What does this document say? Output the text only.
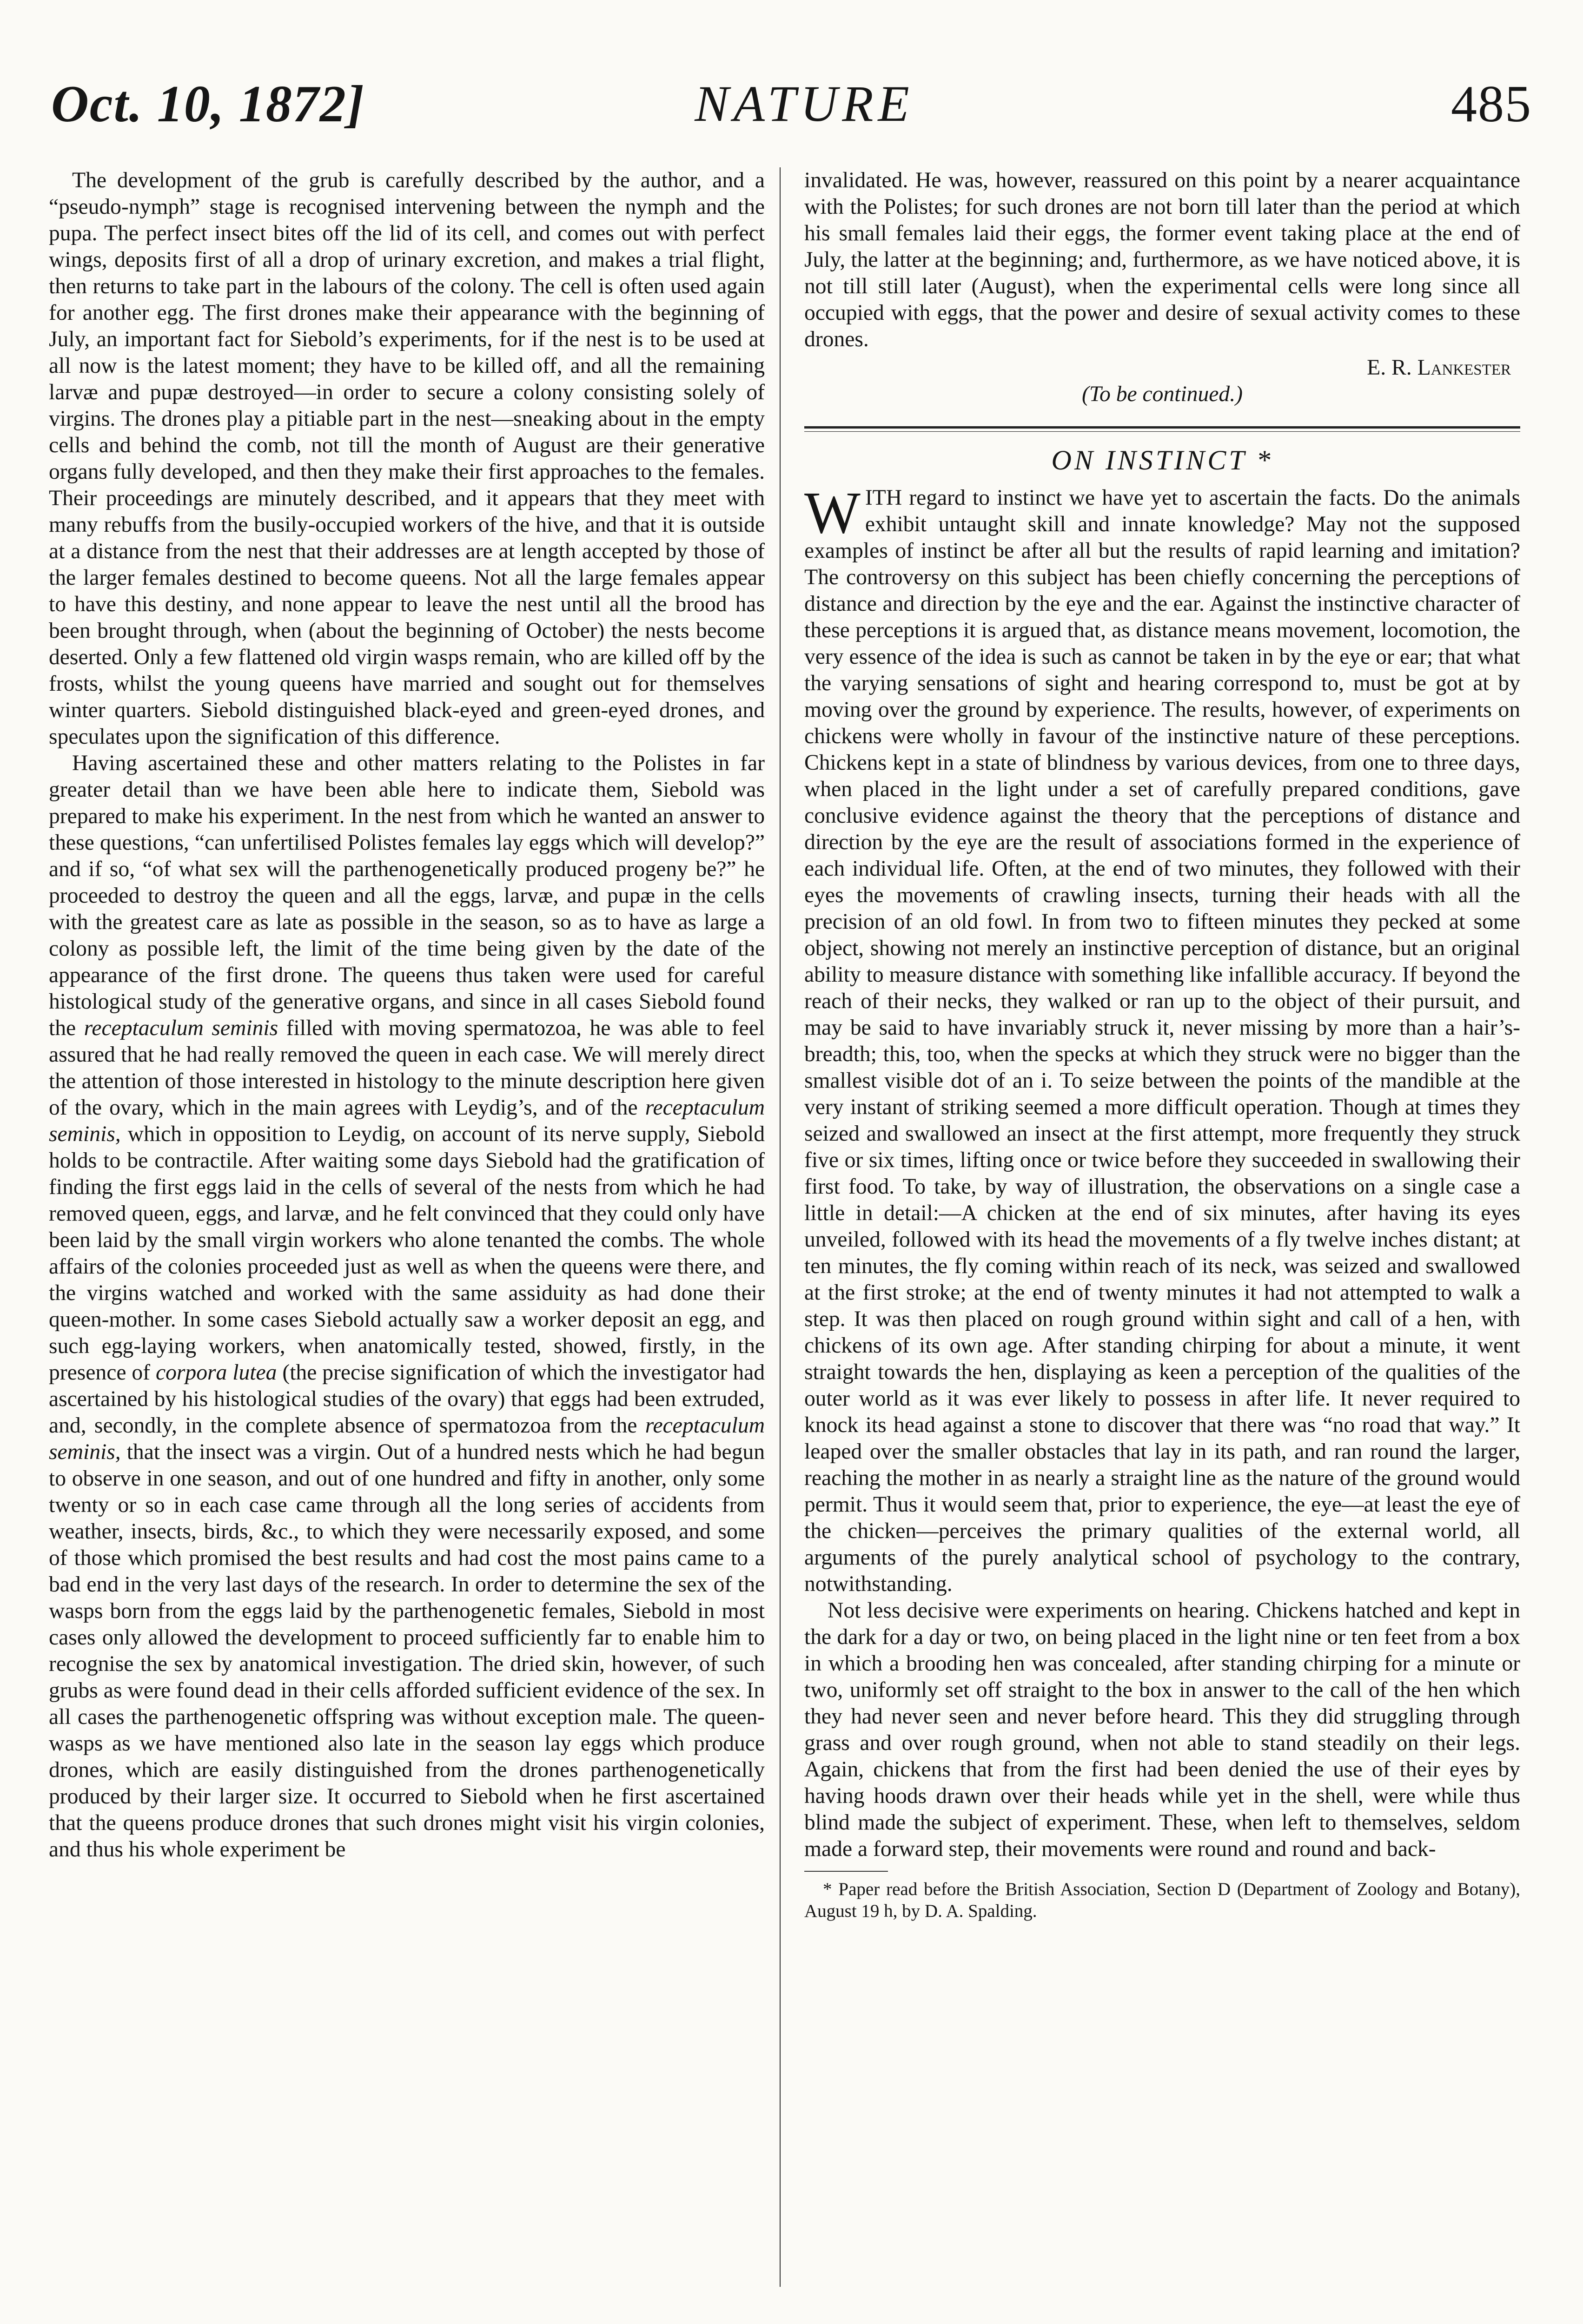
Oct. 10, 1872]	NATURE	485

The development of the grub is carefully described by the author, and a “pseudo-nymph” stage is recognised intervening between the nymph and the pupa. The perfect insect bites off the lid of its cell, and comes out with perfect wings, deposits first of all a drop of urinary excretion, and makes a trial flight, then returns to take part in the labours of the colony. The cell is often used again for another egg. The first drones make their appearance with the beginning of July, an important fact for Siebold’s experiments, for if the nest is to be used at all now is the latest moment; they have to be killed off, and all the remaining larvæ and pupæ destroyed—in order to secure a colony consisting solely of virgins. The drones play a pitiable part in the nest—sneaking about in the empty cells and behind the comb, not till the month of August are their generative organs fully developed, and then they make their first approaches to the females. Their proceedings are minutely described, and it appears that they meet with many rebuffs from the busily-occupied workers of the hive, and that it is outside at a distance from the nest that their addresses are at length accepted by those of the larger females destined to become queens. Not all the large females appear to have this destiny, and none appear to leave the nest until all the brood has been brought through, when (about the beginning of October) the nests become deserted. Only a few flattened old virgin wasps remain, who are killed off by the frosts, whilst the young queens have married and sought out for themselves winter quarters. Siebold distinguished black-eyed and green-eyed drones, and speculates upon the signification of this difference.

Having ascertained these and other matters relating to the Polistes in far greater detail than we have been able here to indicate them, Siebold was prepared to make his experiment. In the nest from which he wanted an answer to these questions, “can unfertilised Polistes females lay eggs which will develop?” and if so, “of what sex will the parthenogenetically produced progeny be?” he proceeded to destroy the queen and all the eggs, larvæ, and pupæ in the cells with the greatest care as late as possible in the season, so as to have as large a colony as possible left, the limit of the time being given by the date of the appearance of the first drone. The queens thus taken were used for careful histological study of the generative organs, and since in all cases Siebold found the receptaculum seminis filled with moving spermatozoa, he was able to feel assured that he had really removed the queen in each case. We will merely direct the attention of those interested in histology to the minute description here given of the ovary, which in the main agrees with Leydig’s, and of the receptaculum seminis, which in opposition to Leydig, on account of its nerve supply, Siebold holds to be contractile. After waiting some days Siebold had the gratification of finding the first eggs laid in the cells of several of the nests from which he had removed queen, eggs, and larvæ, and he felt convinced that they could only have been laid by the small virgin workers who alone tenanted the combs. The whole affairs of the colonies proceeded just as well as when the queens were there, and the virgins watched and worked with the same assiduity as had done their queen-mother. In some cases Siebold actually saw a worker deposit an egg, and such egg-laying workers, when anatomically tested, showed, firstly, in the presence of corpora lutea (the precise signification of which the investigator had ascertained by his histological studies of the ovary) that eggs had been extruded, and, secondly, in the complete absence of spermatozoa from the receptaculum seminis, that the insect was a virgin. Out of a hundred nests which he had begun to observe in one season, and out of one hundred and fifty in another, only some twenty or so in each case came through all the long series of accidents from weather, insects, birds, &c., to which they were necessarily exposed, and some of those which promised the best results and had cost the most pains came to a bad end in the very last days of the research. In order to determine the sex of the wasps born from the eggs laid by the parthenogenetic females, Siebold in most cases only allowed the development to proceed sufficiently far to enable him to recognise the sex by anatomical investigation. The dried skin, however, of such grubs as were found dead in their cells afforded sufficient evidence of the sex. In all cases the parthenogenetic offspring was without exception male. The queen-wasps as we have mentioned also late in the season lay eggs which produce drones, which are easily distinguished from the drones parthenogenetically produced by their larger size. It occurred to Siebold when he first ascertained that the queens produce drones that such drones might visit his virgin colonies, and thus his whole experiment be

invalidated. He was, however, reassured on this point by a nearer acquaintance with the Polistes; for such drones are not born till later than the period at which his small females laid their eggs, the former event taking place at the end of July, the latter at the beginning; and, furthermore, as we have noticed above, it is not till still later (August), when the experimental cells were long since all occupied with eggs, that the power and desire of sexual activity comes to these drones.

E. R. Lankester
(To be continued.)
ON INSTINCT *

WITH regard to instinct we have yet to ascertain the facts. Do the animals exhibit untaught skill and innate knowledge? May not the supposed examples of instinct be after all but the results of rapid learning and imitation? The controversy on this subject has been chiefly concerning the perceptions of distance and direction by the eye and the ear. Against the instinctive character of these perceptions it is argued that, as distance means movement, locomotion, the very essence of the idea is such as cannot be taken in by the eye or ear; that what the varying sensations of sight and hearing correspond to, must be got at by moving over the ground by experience. The results, however, of experiments on chickens were wholly in favour of the instinctive nature of these perceptions. Chickens kept in a state of blindness by various devices, from one to three days, when placed in the light under a set of carefully prepared conditions, gave conclusive evidence against the theory that the perceptions of distance and direction by the eye are the result of associations formed in the experience of each individual life. Often, at the end of two minutes, they followed with their eyes the movements of crawling insects, turning their heads with all the precision of an old fowl. In from two to fifteen minutes they pecked at some object, showing not merely an instinctive perception of distance, but an original ability to measure distance with something like infallible accuracy. If beyond the reach of their necks, they walked or ran up to the object of their pursuit, and may be said to have invariably struck it, never missing by more than a hair’s-breadth; this, too, when the specks at which they struck were no bigger than the smallest visible dot of an i. To seize between the points of the mandible at the very instant of striking seemed a more difficult operation. Though at times they seized and swallowed an insect at the first attempt, more frequently they struck five or six times, lifting once or twice before they succeeded in swallowing their first food. To take, by way of illustration, the observations on a single case a little in detail:—A chicken at the end of six minutes, after having its eyes unveiled, followed with its head the movements of a fly twelve inches distant; at ten minutes, the fly coming within reach of its neck, was seized and swallowed at the first stroke; at the end of twenty minutes it had not attempted to walk a step. It was then placed on rough ground within sight and call of a hen, with chickens of its own age. After standing chirping for about a minute, it went straight towards the hen, displaying as keen a perception of the qualities of the outer world as it was ever likely to possess in after life. It never required to knock its head against a stone to discover that there was “no road that way.” It leaped over the smaller obstacles that lay in its path, and ran round the larger, reaching the mother in as nearly a straight line as the nature of the ground would permit. Thus it would seem that, prior to experience, the eye—at least the eye of the chicken—perceives the primary qualities of the external world, all arguments of the purely analytical school of psychology to the contrary, notwithstanding.

Not less decisive were experiments on hearing. Chickens hatched and kept in the dark for a day or two, on being placed in the light nine or ten feet from a box in which a brooding hen was concealed, after standing chirping for a minute or two, uniformly set off straight to the box in answer to the call of the hen which they had never seen and never before heard. This they did struggling through grass and over rough ground, when not able to stand steadily on their legs. Again, chickens that from the first had been denied the use of their eyes by having hoods drawn over their heads while yet in the shell, were while thus blind made the subject of experiment. These, when left to themselves, seldom made a forward step, their movements were round and round and back-

* Paper read before the British Association, Section D (Department of Zoology and Botany), August 19 h, by D. A. Spalding.
